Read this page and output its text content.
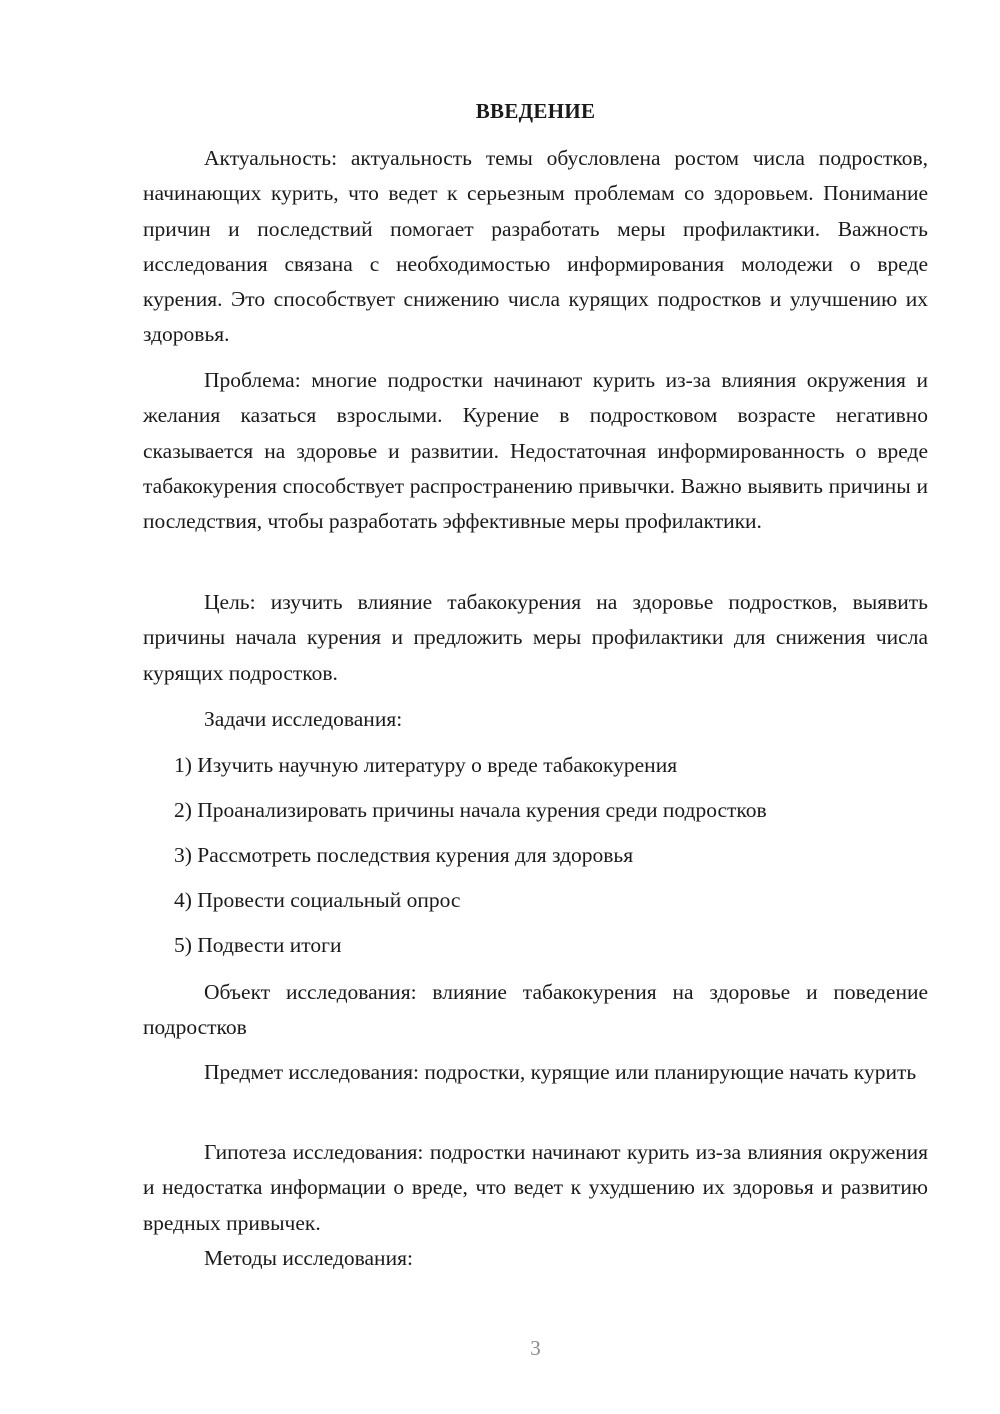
ВВЕДЕНИЕ

Актуальность: актуальность темы обусловлена ростом числа подростков, начинающих курить, что ведет к серьезным проблемам со здоровьем. Понимание причин и последствий помогает разработать меры профилактики. Важность исследования связана с необходимостью информирования молодежи о вреде курения. Это способствует снижению числа курящих подростков и улучшению их здоровья.

Проблема: многие подростки начинают курить из-за влияния окружения и желания казаться взрослыми. Курение в подростковом возрасте негативно сказывается на здоровье и развитии. Недостаточная информированность о вреде табакокурения способствует распространению привычки. Важно выявить причины и последствия, чтобы разработать эффективные меры профилактики.

Цель: изучить влияние табакокурения на здоровье подростков, выявить причины начала курения и предложить меры профилактики для снижения числа курящих подростков.

Задачи исследования:

1) Изучить научную литературу о вреде табакокурения

2) Проанализировать причины начала курения среди подростков

3) Рассмотреть последствия курения для здоровья

4) Провести социальный опрос

5) Подвести итоги

Объект исследования: влияние табакокурения на здоровье и поведение подростков

Предмет исследования: подростки, курящие или планирующие начать курить

Гипотеза исследования: подростки начинают курить из-за влияния окружения и недостатка информации о вреде, что ведет к ухудшению их здоровья и развитию вредных привычек.

Методы исследования:

3
